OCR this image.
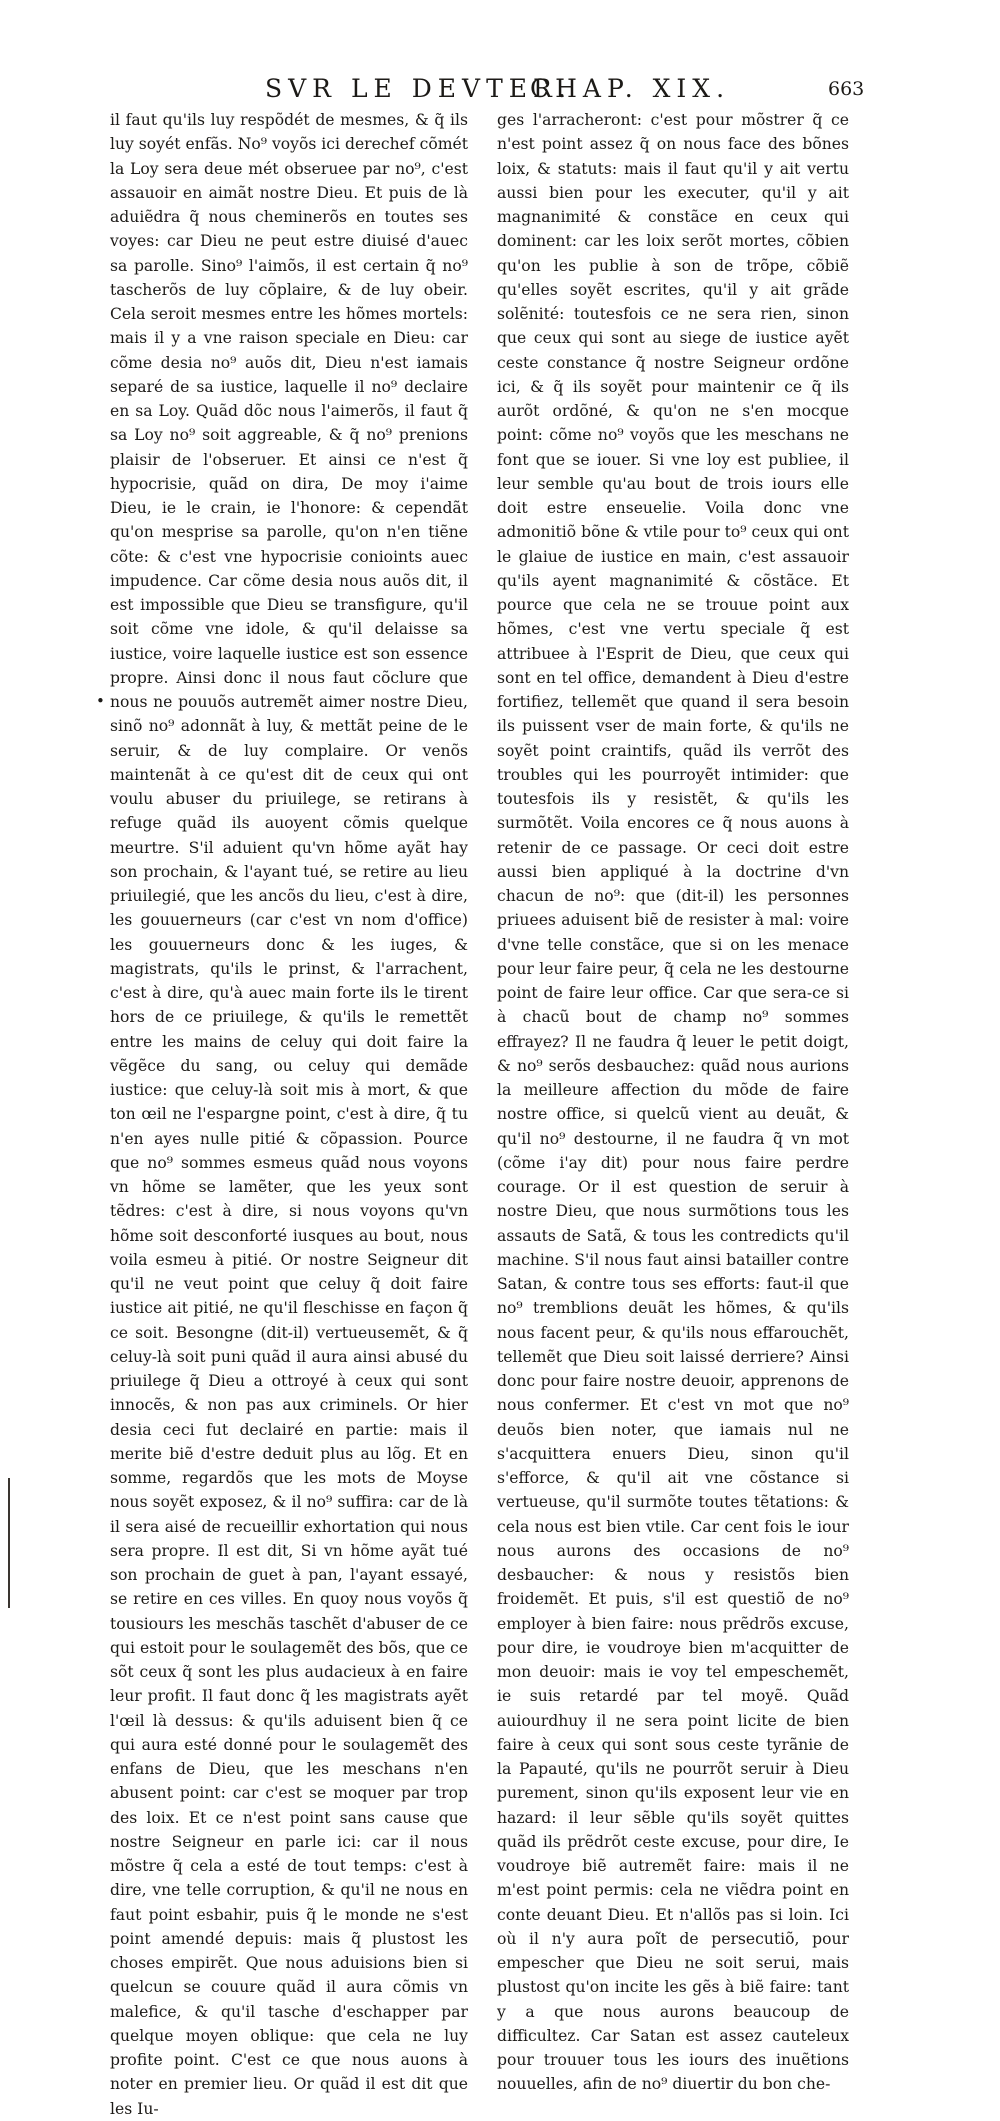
SVR LE DEVTER.
CHAP. XIX.	663

il faut qu'ils luy respõdét de mesmes, & q̃ ils luy soyét enfãs. No⁹ voyõs ici derechef cõmét la Loy sera deue mét obseruee par no⁹, c'est assauoir en aimãt nostre Dieu. Et puis de là aduiẽdra q̃ nous cheminerõs en toutes ses voyes: car Dieu ne peut estre diuisé d'auec sa parolle. Sino⁹ l'aimõs, il est certain q̃ no⁹ tascherõs de luy cõplaire, & de luy obeir. Cela seroit mesmes entre les hõmes mortels: mais il y a vne raison speciale en Dieu: car cõme desia no⁹ auõs dit, Dieu n'est iamais separé de sa iustice, laquelle il no⁹ declaire en sa Loy. Quãd dõc nous l'aimerõs, il faut q̃ sa Loy no⁹ soit aggreable, & q̃ no⁹ prenions plaisir de l'obseruer. Et ainsi ce n'est q̃ hypocrisie, quãd on dira, De moy i'aime Dieu, ie le crain, ie l'honore: & cependãt qu'on mesprise sa parolle, qu'on n'en tiẽne cõte: & c'est vne hypocrisie conioints auec impudence. Car cõme desia nous auõs dit, il est impossible que Dieu se transfigure, qu'il soit cõme vne idole, & qu'il delaisse sa iustice, voire laquelle iustice est son essence propre. Ainsi donc il nous faut cõclure que nous ne pouuõs autremẽt aimer nostre Dieu, sinõ no⁹ adonnãt à luy, & mettãt peine de le seruir, & de luy complaire. Or venõs maintenãt à ce qu'est dit de ceux qui ont voulu abuser du priuilege, se retirans à refuge quãd ils auoyent cõmis quelque meurtre. S'il aduient qu'vn hõme ayãt hay son prochain, & l'ayant tué, se retire au lieu priuilegié, que les ancõs du lieu, c'est à dire, les gouuerneurs (car c'est vn nom d'office) les gouuerneurs donc & les iuges, & magistrats, qu'ils le prinst, & l'arrachent, c'est à dire, qu'à auec main forte ils le tirent hors de ce priuilege, & qu'ils le remettẽt entre les mains de celuy qui doit faire la vẽgẽce du sang, ou celuy qui demãde iustice: que celuy-là soit mis à mort, & que ton œil ne l'espargne point, c'est à dire, q̃ tu n'en ayes nulle pitié & cõpassion. Pource que no⁹ sommes esmeus quãd nous voyons vn hõme se lamẽter, que les yeux sont tẽdres: c'est à dire, si nous voyons qu'vn hõme soit desconforté iusques au bout, nous voila esmeu à pitié. Or nostre Seigneur dit qu'il ne veut point que celuy q̃ doit faire iustice ait pitié, ne qu'il fleschisse en façon q̃ ce soit. Besongne (dit-il) vertueusemẽt, & q̃ celuy-là soit puni quãd il aura ainsi abusé du priuilege q̃ Dieu a ottroyé à ceux qui sont innocẽs, & non pas aux criminels. Or hier desia ceci fut declairé en partie: mais il merite biẽ d'estre deduit plus au lõg. Et en somme, regardõs que les mots de Moyse nous soyẽt exposez, & il no⁹ suffira: car de là il sera aisé de recueillir exhortation qui nous sera propre. Il est dit, Si vn hõme ayãt tué son prochain de guet à pan, l'ayant essayé, se retire en ces villes. En quoy nous voyõs q̃ tousiours les meschãs taschẽt d'abuser de ce qui estoit pour le soulagemẽt des bõs, que ce sõt ceux q̃ sont les plus audacieux à en faire leur profit. Il faut donc q̃ les magistrats ayẽt l'œil là dessus: & qu'ils aduisent bien q̃ ce qui aura esté donné pour le soulagemẽt des enfans de Dieu, que les meschans n'en abusent point: car c'est se moquer par trop des loix. Et ce n'est point sans cause que nostre Seigneur en parle ici: car il nous mõstre q̃ cela a esté de tout temps: c'est à dire, vne telle corruption, & qu'il ne nous en faut point esbahir, puis q̃ le monde ne s'est point amendé depuis: mais q̃ plustost les choses empirẽt. Que nous aduisions bien si quelcun se couure quãd il aura cõmis vn malefice, & qu'il tasche d'eschapper par quelque moyen oblique: que cela ne luy profite point. C'est ce que nous auons à noter en premier lieu. Or quãd il est dit que les Iu-

ges l'arracheront: c'est pour mõstrer q̃ ce n'est point assez q̃ on nous face des bõnes loix, & statuts: mais il faut qu'il y ait vertu aussi bien pour les executer, qu'il y ait magnanimité & constãce en ceux qui dominent: car les loix serõt mortes, cõbien qu'on les publie à son de trõpe, cõbiẽ qu'elles soyẽt escrites, qu'il y ait grãde solẽnité: toutesfois ce ne sera rien, sinon que ceux qui sont au siege de iustice ayẽt ceste constance q̃ nostre Seigneur ordõne ici, & q̃ ils soyẽt pour maintenir ce q̃ ils aurõt ordõné, & qu'on ne s'en mocque point: cõme no⁹ voyõs que les meschans ne font que se iouer. Si vne loy est publiee, il leur semble qu'au bout de trois iours elle doit estre enseuelie. Voila donc vne admonitiõ bõne & vtile pour to⁹ ceux qui ont le glaiue de iustice en main, c'est assauoir qu'ils ayent magnanimité & cõstãce. Et pource que cela ne se trouue point aux hõmes, c'est vne vertu speciale q̃ est attribuee à l'Esprit de Dieu, que ceux qui sont en tel office, demandent à Dieu d'estre fortifiez, tellemẽt que quand il sera besoin ils puissent vser de main forte, & qu'ils ne soyẽt point craintifs, quãd ils verrõt des troubles qui les pourroyẽt intimider: que toutesfois ils y resistẽt, & qu'ils les surmõtẽt. Voila encores ce q̃ nous auons à retenir de ce passage. Or ceci doit estre aussi bien appliqué à la doctrine d'vn chacun de no⁹: que (dit-il) les personnes priuees aduisent biẽ de resister à mal: voire d'vne telle constãce, que si on les menace pour leur faire peur, q̃ cela ne les destourne point de faire leur office. Car que sera-ce si à chacũ bout de champ no⁹ sommes effrayez? Il ne faudra q̃ leuer le petit doigt, & no⁹ serõs desbauchez: quãd nous aurions la meilleure affection du mõde de faire nostre office, si quelcũ vient au deuãt, & qu'il no⁹ destourne, il ne faudra q̃ vn mot (cõme i'ay dit) pour nous faire perdre courage. Or il est question de seruir à nostre Dieu, que nous surmõtions tous les assauts de Satã, & tous les contredicts qu'il machine. S'il nous faut ainsi batailler contre Satan, & contre tous ses efforts: faut-il que no⁹ tremblions deuãt les hõmes, & qu'ils nous facent peur, & qu'ils nous effarouchẽt, tellemẽt que Dieu soit laissé derriere? Ainsi donc pour faire nostre deuoir, apprenons de nous confermer. Et c'est vn mot que no⁹ deuõs bien noter, que iamais nul ne s'acquittera enuers Dieu, sinon qu'il s'efforce, & qu'il ait vne cõstance si vertueuse, qu'il surmõte toutes tẽtations: & cela nous est bien vtile. Car cent fois le iour nous aurons des occasions de no⁹ desbaucher: & nous y resistõs bien froidemẽt. Et puis, s'il est questiõ de no⁹ employer à bien faire: nous prẽdrõs excuse, pour dire, ie voudroye bien m'acquitter de mon deuoir: mais ie voy tel empeschemẽt, ie suis retardé par tel moyẽ. Quãd auiourdhuy il ne sera point licite de bien faire à ceux qui sont sous ceste tyrãnie de la Papauté, qu'ils ne pourrõt seruir à Dieu purement, sinon qu'ils exposent leur vie en hazard: il leur sẽble qu'ils soyẽt quittes quãd ils prẽdrõt ceste excuse, pour dire, Ie voudroye biẽ autremẽt faire: mais il ne m'est point permis: cela ne viẽdra point en conte deuant Dieu. Et n'allõs pas si loin. Ici où il n'y aura poĩt de persecutiõ, pour empescher que Dieu ne soit serui, mais plustost qu'on incite les gẽs à biẽ faire: tant y a que nous aurons beaucoup de difficultez. Car Satan est assez cauteleux pour trouuer tous les iours des inuẽtions nouuelles, afin de no⁹ diuertir du bon che-

•
